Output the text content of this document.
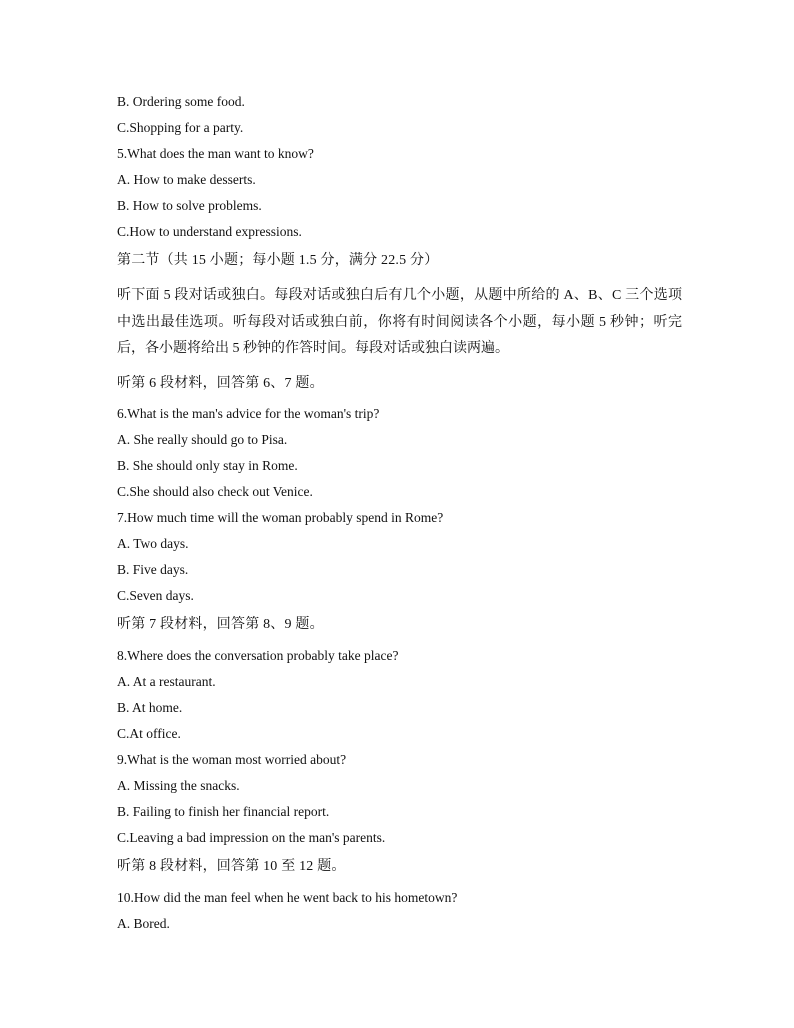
B. Ordering some food.
C.Shopping for a party.
5.What does the man want to know?
A. How to make desserts.
B. How to solve problems.
C.How to understand expressions.
第二节（共 15 小题；每小题 1.5 分，满分 22.5 分）
听下面 5 段对话或独白。每段对话或独白后有几个小题，从题中所给的 A、B、C 三个选项中选出最佳选项。听每段对话或独白前，你将有时间阅读各个小题，每小题 5 秒钟；听完后，各小题将给出 5 秒钟的作答时间。每段对话或独白读两遍。
听第 6 段材料，回答第 6、7 题。
6.What is the man's advice for the woman's trip?
A. She really should go to Pisa.
B. She should only stay in Rome.
C.She should also check out Venice.
7.How much time will the woman probably spend in Rome?
A. Two days.
B. Five days.
C.Seven days.
听第 7 段材料，回答第 8、9 题。
8.Where does the conversation probably take place?
A. At a restaurant.
B. At home.
C.At office.
9.What is the woman most worried about?
A. Missing the snacks.
B. Failing to finish her financial report.
C.Leaving a bad impression on the man's parents.
听第 8 段材料，回答第 10 至 12 题。
10.How did the man feel when he went back to his hometown?
A. Bored.
